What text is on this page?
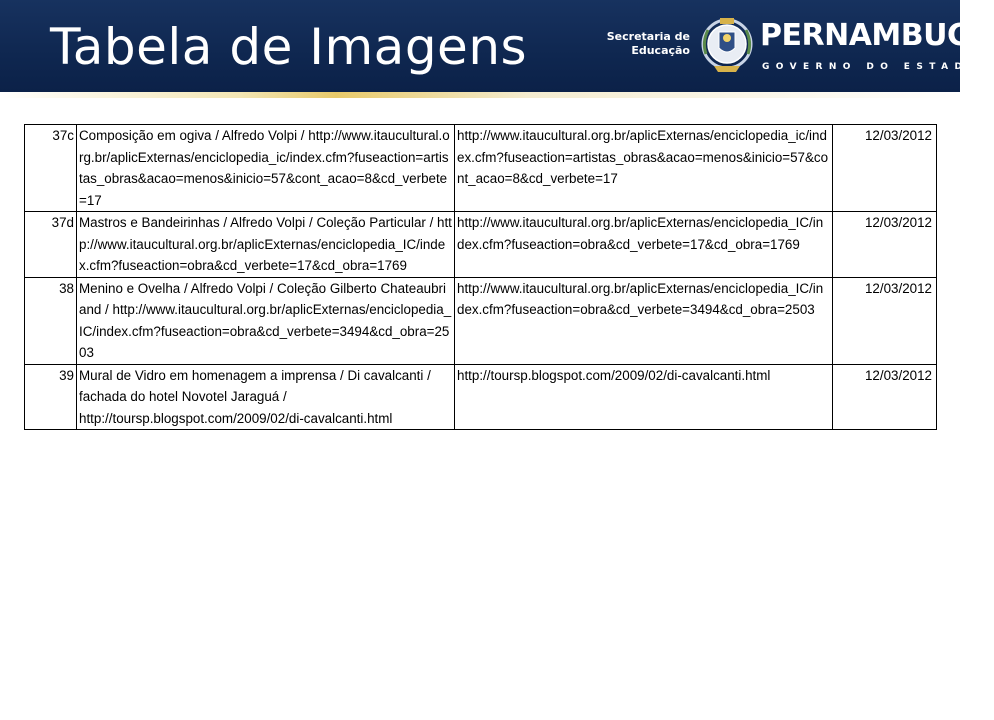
Tabela de Imagens	Secretaria de
Educação PERNAMBUCO
GOVERNO DO ESTADO
37c	Composição em ogiva / Alfredo Volpi / http://www.itaucultural.org.br/aplicExternas/enciclopedia_ic/index.cfm?fuseaction=artistas_obras&acao=menos&inicio=57&cont_acao=8&cd_verbete=17	http://www.itaucultural.org.br/aplicExternas/enciclopedia_ic/index.cfm?fuseaction=artistas_obras&acao=menos&inicio=57&cont_acao=8&cd_verbete=17	12/03/2012
37d	Mastros e Bandeirinhas / Alfredo Volpi / Coleção Particular / http://www.itaucultural.org.br/aplicExternas/enciclopedia_IC/index.cfm?fuseaction=obra&cd_verbete=17&cd_obra=1769	http://www.itaucultural.org.br/aplicExternas/enciclopedia_IC/index.cfm?fuseaction=obra&cd_verbete=17&cd_obra=1769	12/03/2012
38	Menino e Ovelha / Alfredo Volpi / Coleção Gilberto Chateaubriand / http://www.itaucultural.org.br/aplicExternas/enciclopedia_IC/index.cfm?fuseaction=obra&cd_verbete=3494&cd_obra=2503	http://www.itaucultural.org.br/aplicExternas/enciclopedia_IC/index.cfm?fuseaction=obra&cd_verbete=3494&cd_obra=2503	12/03/2012
39	Mural de Vidro em homenagem a imprensa / Di cavalcanti / fachada do hotel Novotel Jaraguá / http://toursp.blogspot.com/2009/02/di-cavalcanti.html	http://toursp.blogspot.com/2009/02/di-cavalcanti.html	12/03/2012
